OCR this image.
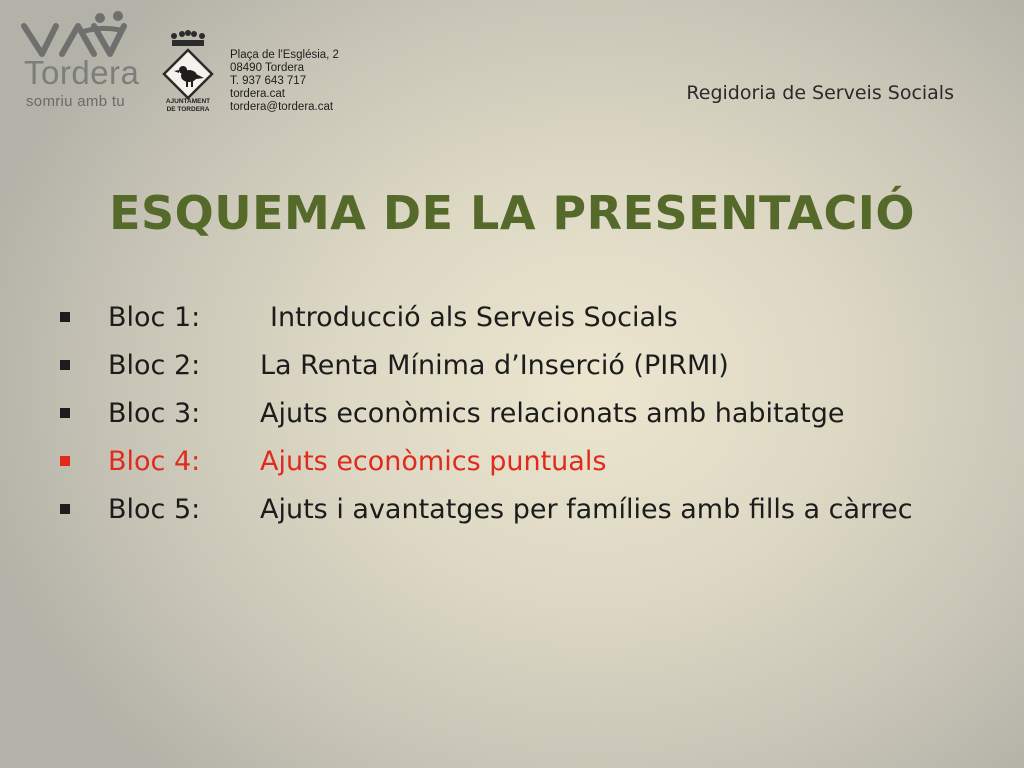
Tordera
somriu amb tu	AJUNTAMENT
DE TORDERA
Plaça de l'Església, 2
08490 Tordera
T. 937 643 717
tordera.cat
tordera@tordera.cat
Regidoria de Serveis Socials
ESQUEMA DE LA PRESENTACIÓ
Bloc 1:	Introducció als Serveis Socials
Bloc 2: La Renta Mínima d’Inserció (PIRMI)
Bloc 3: Ajuts econòmics relacionats amb habitatge
Bloc 4: Ajuts econòmics puntuals
Bloc 5: Ajuts i avantatges per famílies amb fills a càrrec
